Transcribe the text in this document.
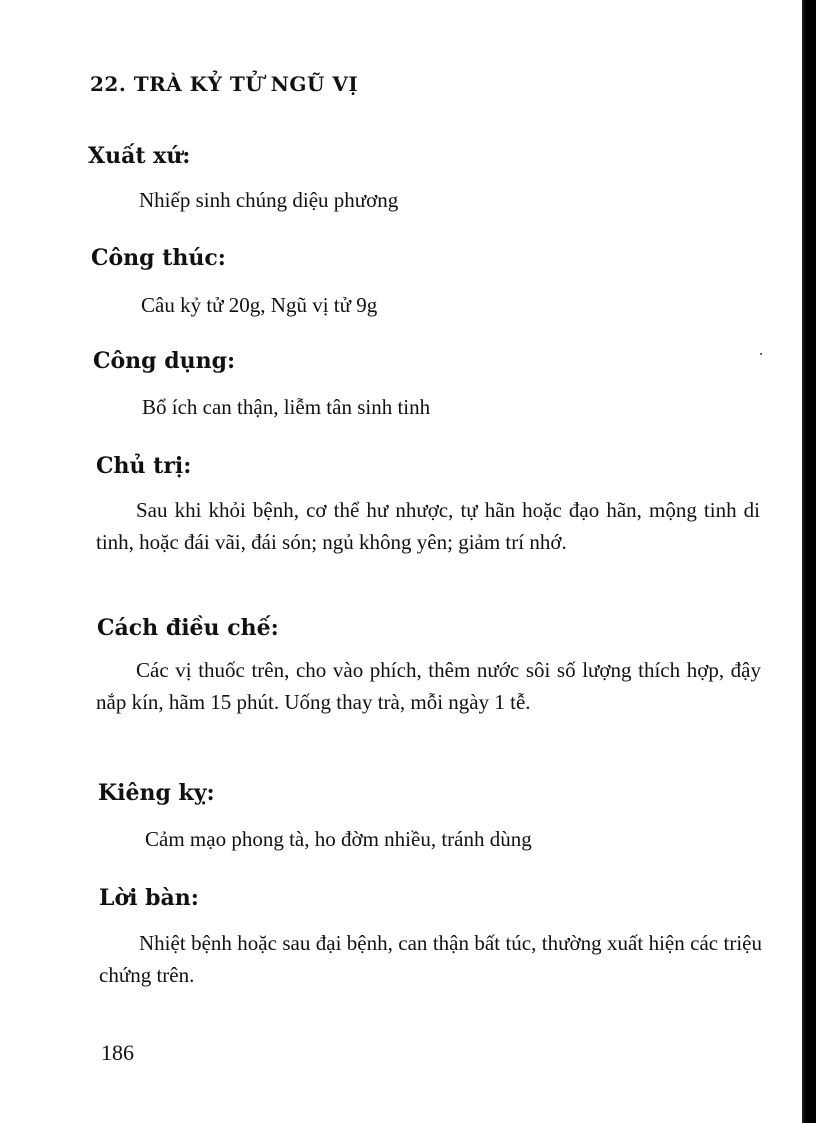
22. TRÀ KỶ TỬ NGŨ VỊ
Xuất xứ:
Nhiếp sinh chúng diệu phương
Công thúc:
Câu kỷ tử 20g, Ngũ vị tử 9g
Công dụng:
Bổ ích can thận, liễm tân sinh tinh
Chủ trị:
Sau khi khỏi bệnh, cơ thể hư nhược, tự hãn hoặc đạo hãn, mộng tinh di tinh, hoặc đái vãi, đái són; ngủ không yên; giảm trí nhớ.
Cách điều chế:
Các vị thuốc trên, cho vào phích, thêm nước sôi số lượng thích hợp, đậy nắp kín, hãm 15 phút. Uống thay trà, mỗi ngày 1 tễ.
Kiêng kỵ:
Cảm mạo phong tà, ho đờm nhiều, tránh dùng
Lời bàn:
Nhiệt bệnh hoặc sau đại bệnh, can thận bất túc, thường xuất hiện các triệu chứng trên.
186
